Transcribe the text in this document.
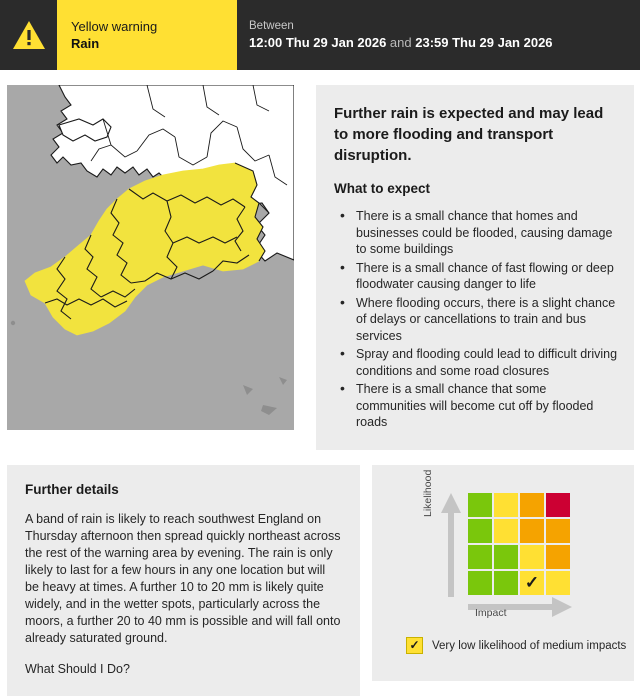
Yellow warning
Rain
Between
12:00 Thu 29 Jan 2026 and 23:59 Thu 29 Jan 2026
Further rain is expected and may lead to more flooding and transport disruption.
What to expect
• There is a small chance that homes and businesses could be flooded, causing damage to some buildings
• There is a small chance of fast flowing or deep floodwater causing danger to life
• Where flooding occurs, there is a slight chance of delays or cancellations to train and bus services
• Spray and flooding could lead to difficult driving conditions and some road closures
• There is a small chance that some communities will become cut off by flooded roads
Further details
A band of rain is likely to reach southwest England on Thursday afternoon then spread quickly northeast across the rest of the warning area by evening. The rain is only likely to last for a few hours in any one location but will be heavy at times. A further 10 to 20 mm is likely quite widely, and in the wetter spots, particularly across the moors, a further 20 to 40 mm is possible and will fall onto already saturated ground.
What Should I Do?
Likelihood
Impact
✓
✓ Very low likelihood of medium impacts
